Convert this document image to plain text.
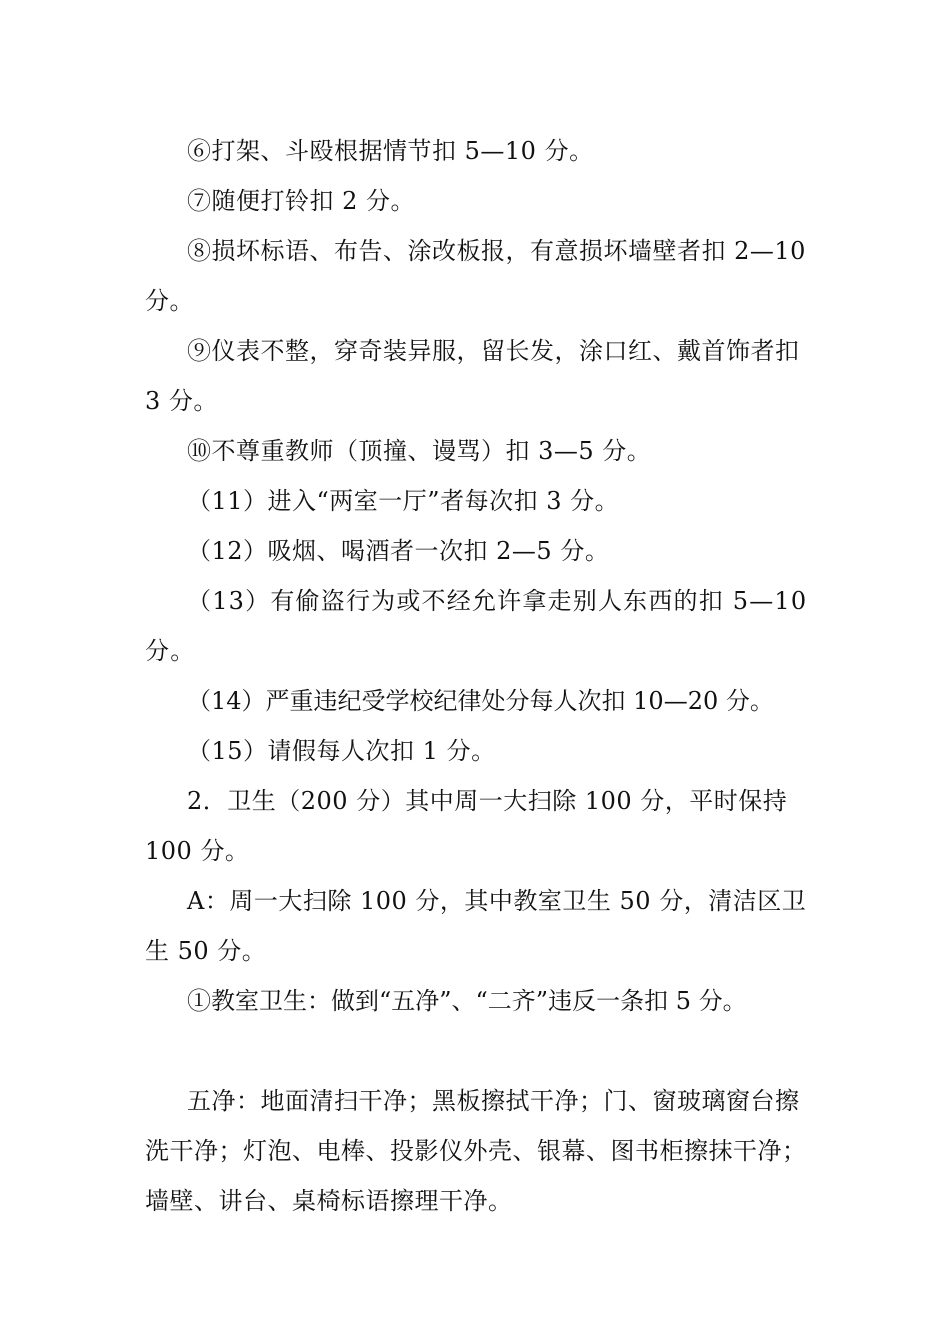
⑥打架、斗殴根据情节扣 5—10 分。

⑦随便打铃扣 2 分。

⑧损坏标语、布告、涂改板报，有意损坏墙壁者扣 2—10 分。

⑨仪表不整，穿奇装异服，留长发，涂口红、戴首饰者扣 3 分。

⑩不尊重教师（顶撞、谩骂）扣 3—5 分。

（11）进入“两室一厅”者每次扣 3 分。

（12）吸烟、喝酒者一次扣 2—5 分。

（13）有偷盗行为或不经允许拿走别人东西的扣 5—10 分。

（14）严重违纪受学校纪律处分每人次扣 10—20 分。

（15）请假每人次扣 1 分。

2．卫生（200 分）其中周一大扫除 100 分，平时保持 100 分。

A：周一大扫除 100 分，其中教室卫生 50 分，清洁区卫生 50 分。

①教室卫生：做到“五净”、“二齐”违反一条扣 5 分。

五净：地面清扫干净；黑板擦拭干净；门、窗玻璃窗台擦洗干净；灯泡、电棒、投影仪外壳、银幕、图书柜擦抹干净；墙壁、讲台、桌椅标语擦理干净。
